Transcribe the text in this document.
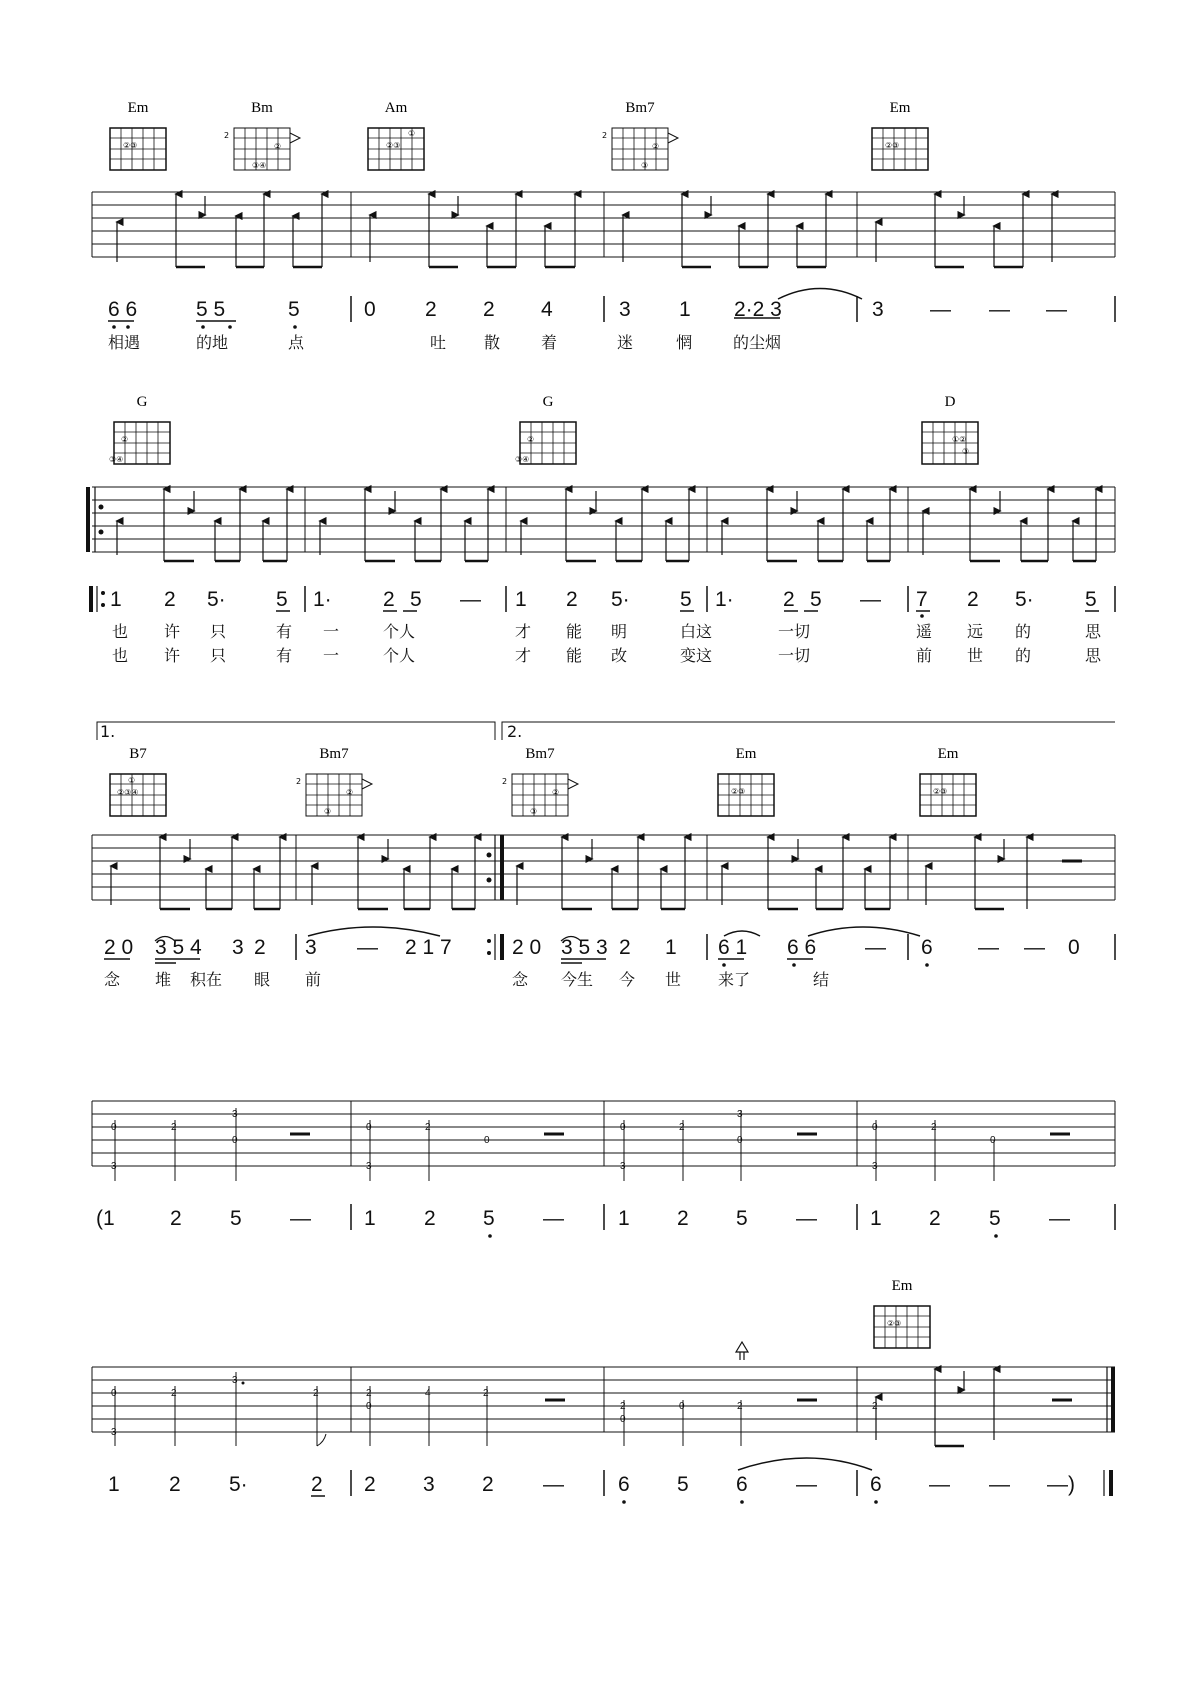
Em
②③
Bm
2
②
③④
Am
①
②③
Bm7
2
②
③
Em
②③
6 6	5 5	5	0 2 2 4	3 1 2·2 3	3 — — —
相遇	的地	点	吐 散	着	迷	惘	的尘烟
G
②
③④
G
②
③④
D
①②
③
1 2 5· 5 1· 2 5 — 1 2 5· 5 1· 2 5 — 7 2 5· 5
也 许 只	有 一	个人	才 能 明	白这	一切	遥 远 的	思
也 许 只	有 一	个人	才 能 改	变这	一切	前 世 的	思
1.	2.
B7
①
②③④
Bm7
2
②
③
Bm7
2
②
③
Em
②③
Em
②③
2 0 3 5 4 3 2 3 — 2 1 7	2 0 3 5 3 2 1 6 1 6 6 — 6 — — 0
念 堆 积在 眼 前	念 今生 今 世 来了	结
0
3
2
3
0
0
3
2
0
0
3
2
3
0
0
3
2
0
(1	2 5 —	1 2 5 —	1 2 5 —	1 2 5 —
Em
②③
0
3
2
3
2	2
0
4	2
2
0
0	2	2
1 2 5·	2 2 3 2 —	6 5 6 —	6 — — —)
